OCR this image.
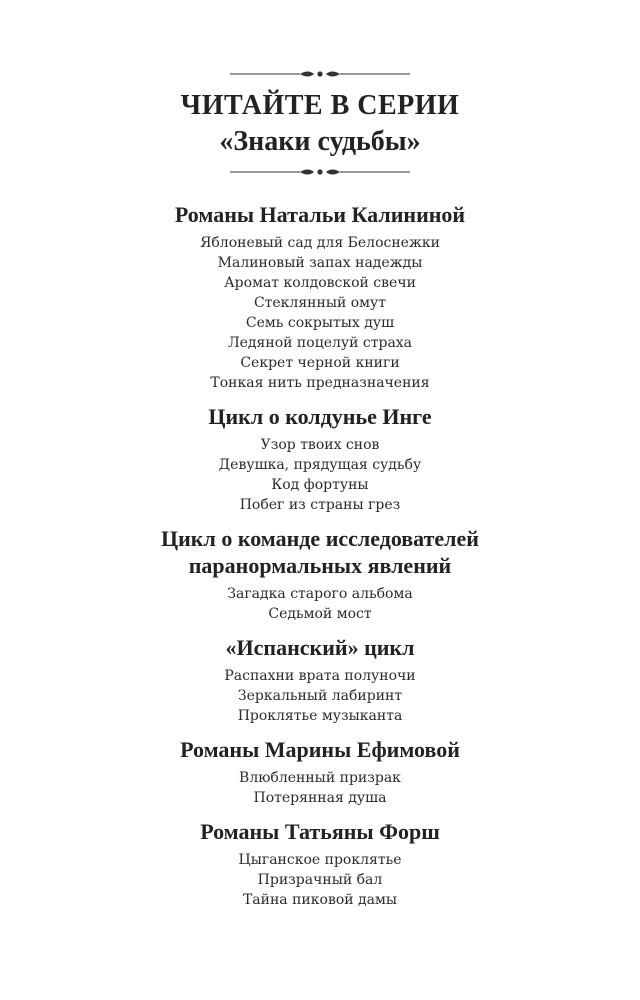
ЧИТАЙТЕ В СЕРИИ
«Знаки судьбы»
Романы Натальи Калининой
Яблоневый сад для Белоснежки
Малиновый запах надежды
Аромат колдовской свечи
Стеклянный омут
Семь сокрытых душ
Ледяной поцелуй страха
Секрет черной книги
Тонкая нить предназначения
Цикл о колдунье Инге
Узор твоих снов
Девушка, прядущая судьбу
Код фортуны
Побег из страны грез
Цикл о команде исследователей
паранормальных явлений
Загадка старого альбома
Седьмой мост
«Испанский» цикл
Распахни врата полуночи
Зеркальный лабиринт
Проклятье музыканта
Романы Марины Ефимовой
Влюбленный призрак
Потерянная душа
Романы Татьяны Форш
Цыганское проклятье
Призрачный бал
Тайна пиковой дамы
